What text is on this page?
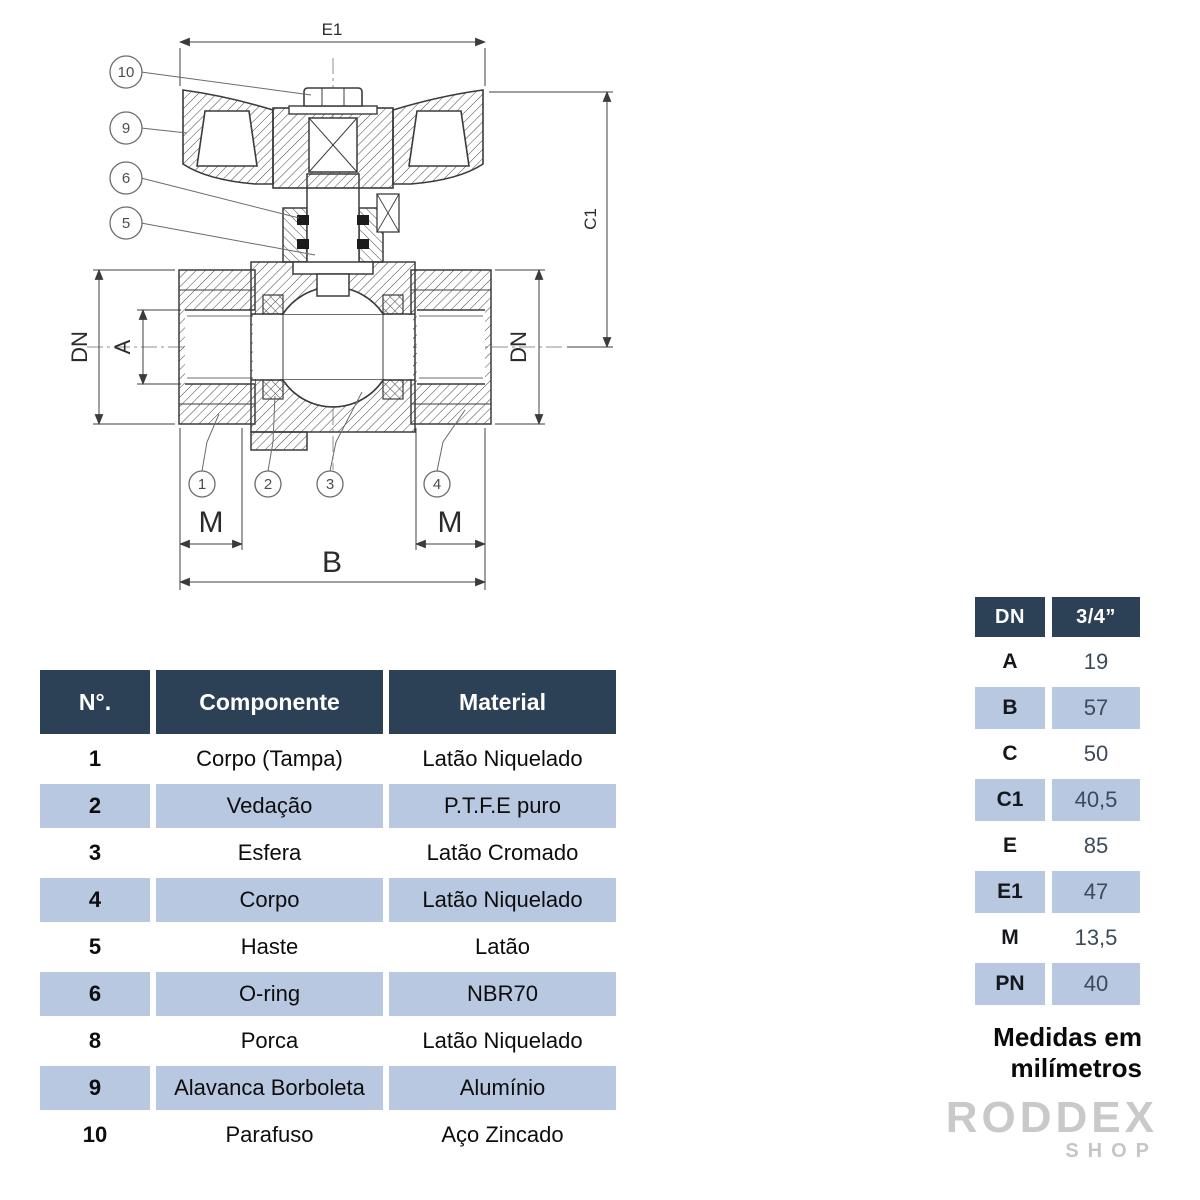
E1
C1
DN A	DN
M	M
B
10
9
6
5
1	2	3	4
N°.	Componente	Material
1	Corpo (Tampa)	Latão Niquelado
2	Vedação	P.T.F.E puro
3	Esfera	Latão Cromado
4	Corpo	Latão Niquelado
5	Haste	Latão
6	O-ring	NBR70
8	Porca	Latão Niquelado
9	Alavanca Borboleta	Alumínio
10	Parafuso	Aço Zincado
DN	3/4”
A	19
B	57
C	50
C1	40,5
E	85
E1	47
M	13,5
PN	40
Medidas em milímetros
RODDEX
SHOP
